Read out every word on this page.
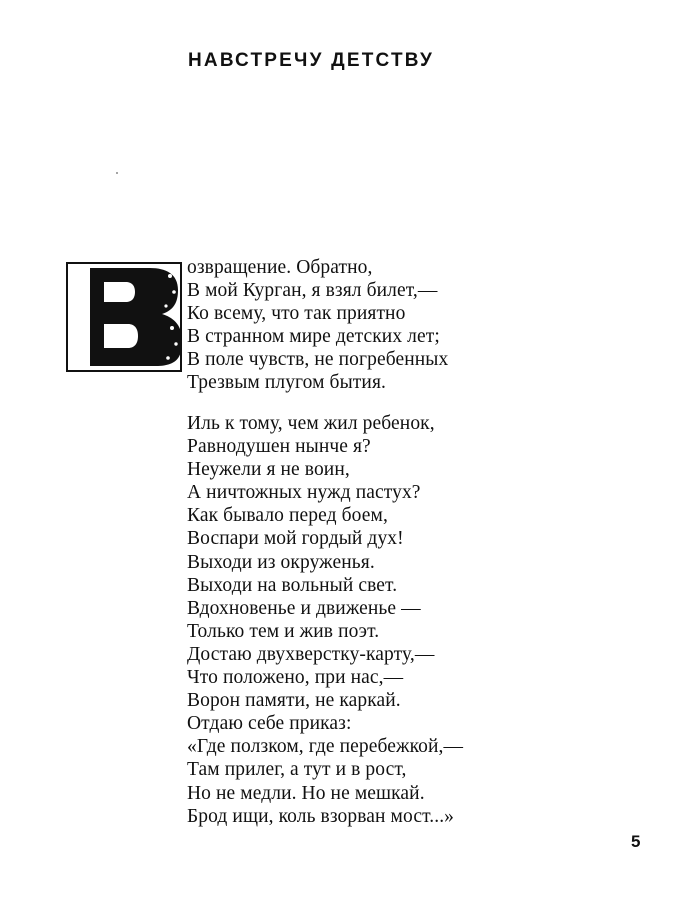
НАВСТРЕЧУ ДЕТСТВУ
озвращение. Обратно,
В мой Курган, я взял билет,—
Ко всему, что так приятно
В странном мире детских лет;
В поле чувств, не погребенных
Трезвым плугом бытия.
Иль к тому, чем жил ребенок,
Равнодушен нынче я?
Неужели я не воин,
А ничтожных нужд пастух?
Как бывало перед боем,
Воспари мой гордый дух!
Выходи из окруженья.
Выходи на вольный свет.
Вдохновенье и движенье —
Только тем и жив поэт.
Достаю двухверстку-карту,—
Что положено, при нас,—
Ворон памяти, не каркай.
Отдаю себе приказ:
«Где ползком, где перебежкой,—
Там прилег, а тут и в рост,
Но не медли. Но не мешкай.
Брод ищи, коль взорван мост...»
5
